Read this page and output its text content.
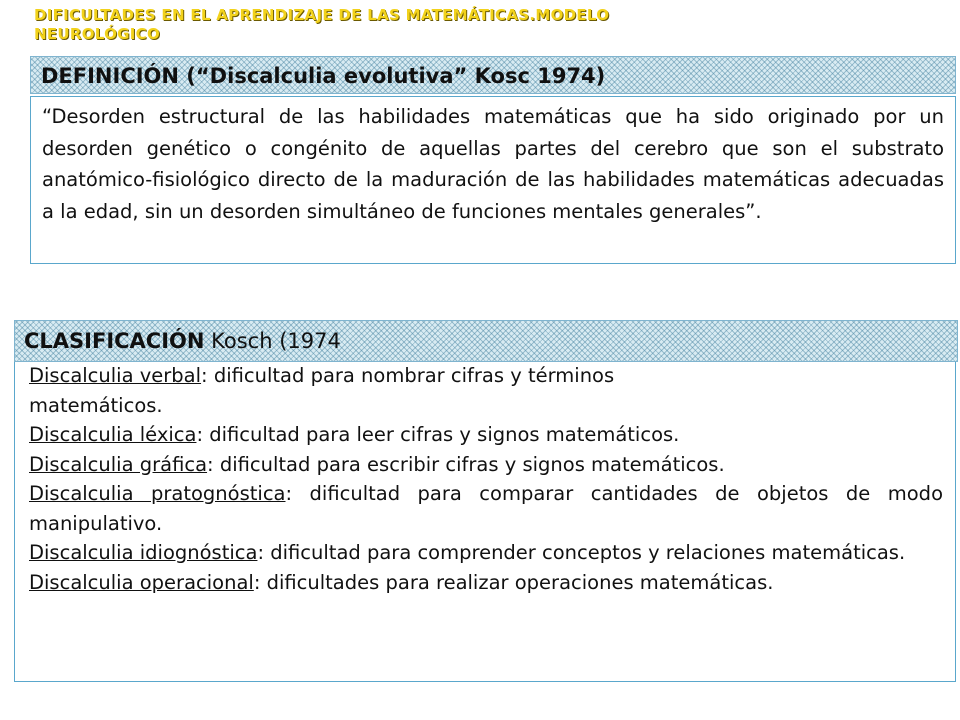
DIFICULTADES EN EL APRENDIZAJE DE LAS MATEMÁTICAS.MODELO
NEUROLÓGICO
DEFINICIÓN (“Discalculia evolutiva” Kosc 1974)
“Desorden estructural de las habilidades matemáticas que ha sido originado por un desorden genético o congénito de aquellas partes del cerebro que son el substrato anatómico-fisiológico directo de la maduración de las habilidades matemáticas adecuadas a la edad, sin un desorden simultáneo de funciones mentales generales”.
Discalculia verbal: dificultad para nombrar cifras y términos matemáticos.
Discalculia léxica: dificultad para leer cifras y signos matemáticos.
Discalculia gráfica: dificultad para escribir cifras y signos matemáticos.
Discalculia pratognóstica: dificultad para comparar cantidades de objetos de modo manipulativo.
Discalculia idiognóstica: dificultad para comprender conceptos y relaciones matemáticas.
Discalculia operacional: dificultades para realizar operaciones matemáticas.
CLASIFICACIÓN Kosch (1974
